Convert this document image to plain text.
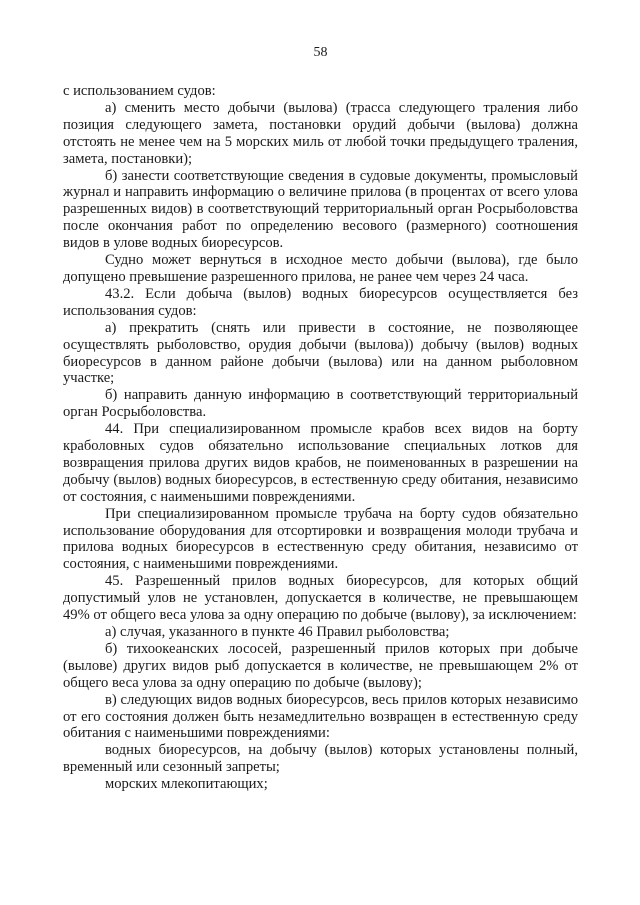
58

с использованием судов:

а) сменить место добычи (вылова) (трасса следующего траления либо позиция следующего замета, постановки орудий добычи (вылова) должна отстоять не менее чем на 5 морских миль от любой точки предыдущего траления, замета, постановки);

б) занести соответствующие сведения в судовые документы, промысловый журнал и направить информацию о величине прилова (в процентах от всего улова разрешенных видов) в соответствующий территориальный орган Росрыболовства после окончания работ по определению весового (размерного) соотношения видов в улове водных биоресурсов.

Судно может вернуться в исходное место добычи (вылова), где было допущено превышение разрешенного прилова, не ранее чем через 24 часа.

43.2. Если добыча (вылов) водных биоресурсов осуществляется без использования судов:

а) прекратить (снять или привести в состояние, не позволяющее осуществлять рыболовство, орудия добычи (вылова)) добычу (вылов) водных биоресурсов в данном районе добычи (вылова) или на данном рыболовном участке;

б) направить данную информацию в соответствующий территориальный орган Росрыболовства.

44. При специализированном промысле крабов всех видов на борту краболовных судов обязательно использование специальных лотков для возвращения прилова других видов крабов, не поименованных в разрешении на добычу (вылов) водных биоресурсов, в естественную среду обитания, независимо от состояния, с наименьшими повреждениями.

При специализированном промысле трубача на борту судов обязательно использование оборудования для отсортировки и возвращения молоди трубача и прилова водных биоресурсов в естественную среду обитания, независимо от состояния, с наименьшими повреждениями.

45. Разрешенный прилов водных биоресурсов, для которых общий допустимый улов не установлен, допускается в количестве, не превышающем 49% от общего веса улова за одну операцию по добыче (вылову), за исключением:

а) случая, указанного в пункте 46 Правил рыболовства;

б) тихоокеанских лососей, разрешенный прилов которых при добыче (вылове) других видов рыб допускается в количестве, не превышающем 2% от общего веса улова за одну операцию по добыче (вылову);

в) следующих видов водных биоресурсов, весь прилов которых независимо от его состояния должен быть незамедлительно возвращен в естественную среду обитания с наименьшими повреждениями:

водных биоресурсов, на добычу (вылов) которых установлены полный, временный или сезонный запреты;

морских млекопитающих;
